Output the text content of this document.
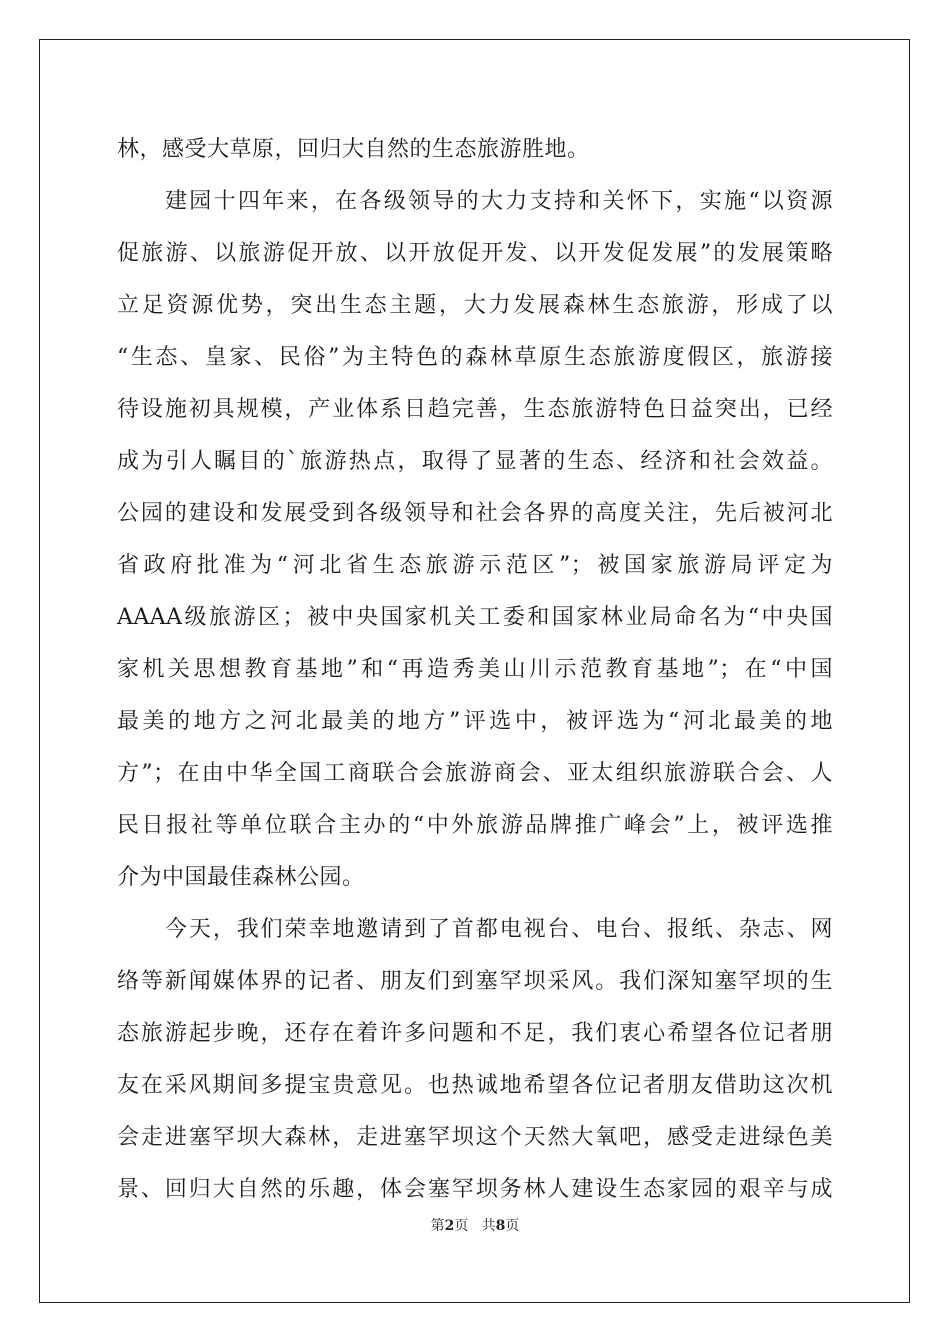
林，感受大草原，回归大自然的生态旅游胜地。
建园十四年来，在各级领导的大力支持和关怀下，实施“以资源
促旅游、以旅游促开放、以开放促开发、以开发促发展”的发展策略
立足资源优势，突出生态主题，大力发展森林生态旅游，形成了以
“生态、皇家、民俗”为主特色的森林草原生态旅游度假区，旅游接
待设施初具规模，产业体系日趋完善，生态旅游特色日益突出，已经
成为引人瞩目的`旅游热点，取得了显著的生态、经济和社会效益。
公园的建设和发展受到各级领导和社会各界的高度关注，先后被河北
省政府批准为“河北省生态旅游示范区”；被国家旅游局评定为
AAAA级旅游区；被中央国家机关工委和国家林业局命名为“中央国
家机关思想教育基地”和“再造秀美山川示范教育基地”；在“中国
最美的地方之河北最美的地方”评选中，被评选为“河北最美的地
方”；在由中华全国工商联合会旅游商会、亚太组织旅游联合会、人
民日报社等单位联合主办的“中外旅游品牌推广峰会”上，被评选推
介为中国最佳森林公园。
今天，我们荣幸地邀请到了首都电视台、电台、报纸、杂志、网
络等新闻媒体界的记者、朋友们到塞罕坝采风。我们深知塞罕坝的生
态旅游起步晚，还存在着许多问题和不足，我们衷心希望各位记者朋
友在采风期间多提宝贵意见。也热诚地希望各位记者朋友借助这次机
会走进塞罕坝大森林，走进塞罕坝这个天然大氧吧，感受走进绿色美
景、回归大自然的乐趣，体会塞罕坝务林人建设生态家园的艰辛与成
第2页 共8页
